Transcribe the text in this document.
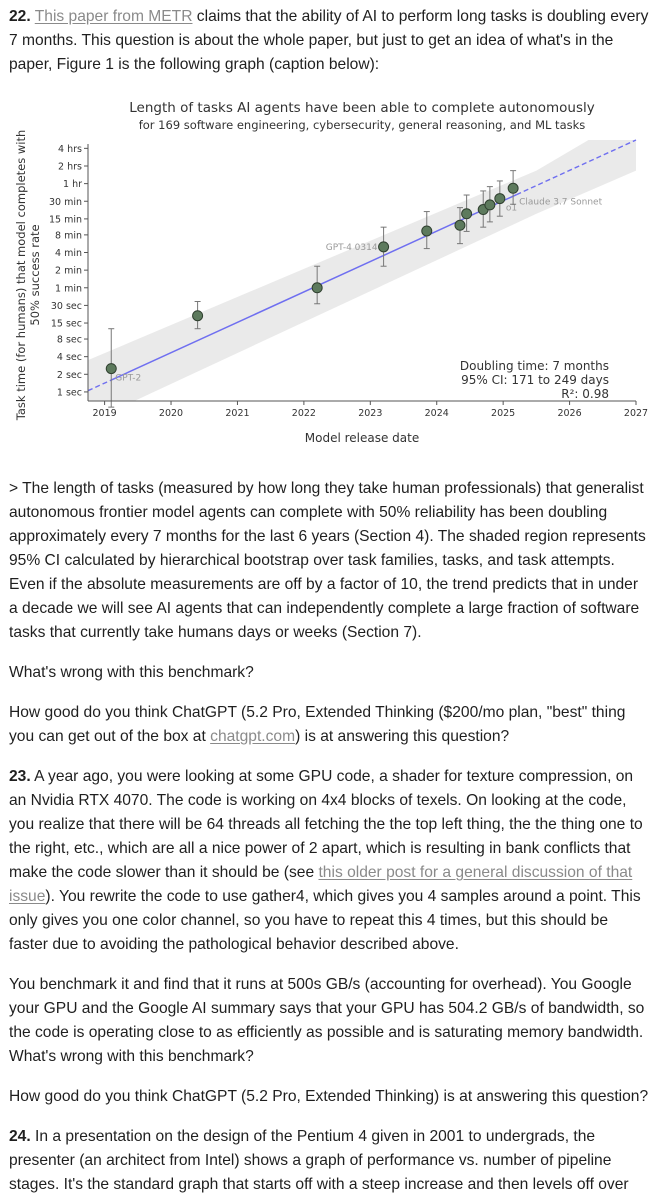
22. This paper from METR claims that the ability of AI to perform long tasks is doubling every 7 months. This question is about the whole paper, but just to get an idea of what's in the paper, Figure 1 is the following graph (caption below):

GPT-2
GPT-4 0314
o1
Claude 3.7 Sonnet
1 sec
2 sec
4 sec
8 sec
15 sec
30 sec
1 min
2 min
4 min
8 min
15 min
30 min
1 hr
2 hrs
4 hrs
2019	2020	2021	2022	2023	2024	2025	2026	2027
Length of tasks AI agents have been able to complete autonomously
for 169 software engineering, cybersecurity, general reasoning, and ML tasks
Model release date
Task time (for humans) that model completes with 50% success rate
Doubling time: 7 months
95% CI: 171 to 249 days
R²: 0.98

> The length of tasks (measured by how long they take human professionals) that generalist autonomous frontier model agents can complete with 50% reliability has been doubling approximately every 7 months for the last 6 years (Section 4). The shaded region represents 95% CI calculated by hierarchical bootstrap over task families, tasks, and task attempts. Even if the absolute measurements are off by a factor of 10, the trend predicts that in under a decade we will see AI agents that can independently complete a large fraction of software tasks that currently take humans days or weeks (Section 7).

What's wrong with this benchmark?

How good do you think ChatGPT (5.2 Pro, Extended Thinking ($200/mo plan, "best" thing you can get out of the box at chatgpt.com) is at answering this question?

23. A year ago, you were looking at some GPU code, a shader for texture compression, on an Nvidia RTX 4070. The code is working on 4x4 blocks of texels. On looking at the code, you realize that there will be 64 threads all fetching the the top left thing, the the thing one to the right, etc., which are all a nice power of 2 apart, which is resulting in bank conflicts that make the code slower than it should be (see this older post for a general discussion of that issue). You rewrite the code to use gather4, which gives you 4 samples around a point. This only gives you one color channel, so you have to repeat this 4 times, but this should be faster due to avoiding the pathological behavior described above.

You benchmark it and find that it runs at 500s GB/s (accounting for overhead). You Google your GPU and the Google AI summary says that your GPU has 504.2 GB/s of bandwidth, so the code is operating close to as efficiently as possible and is saturating memory bandwidth. What's wrong with this benchmark?

How good do you think ChatGPT (5.2 Pro, Extended Thinking) is at answering this question?

24. In a presentation on the design of the Pentium 4 given in 2001 to undergrads, the presenter (an architect from Intel) shows a graph of performance vs. number of pipeline stages. It's the standard graph that starts off with a steep increase and then levels off over
